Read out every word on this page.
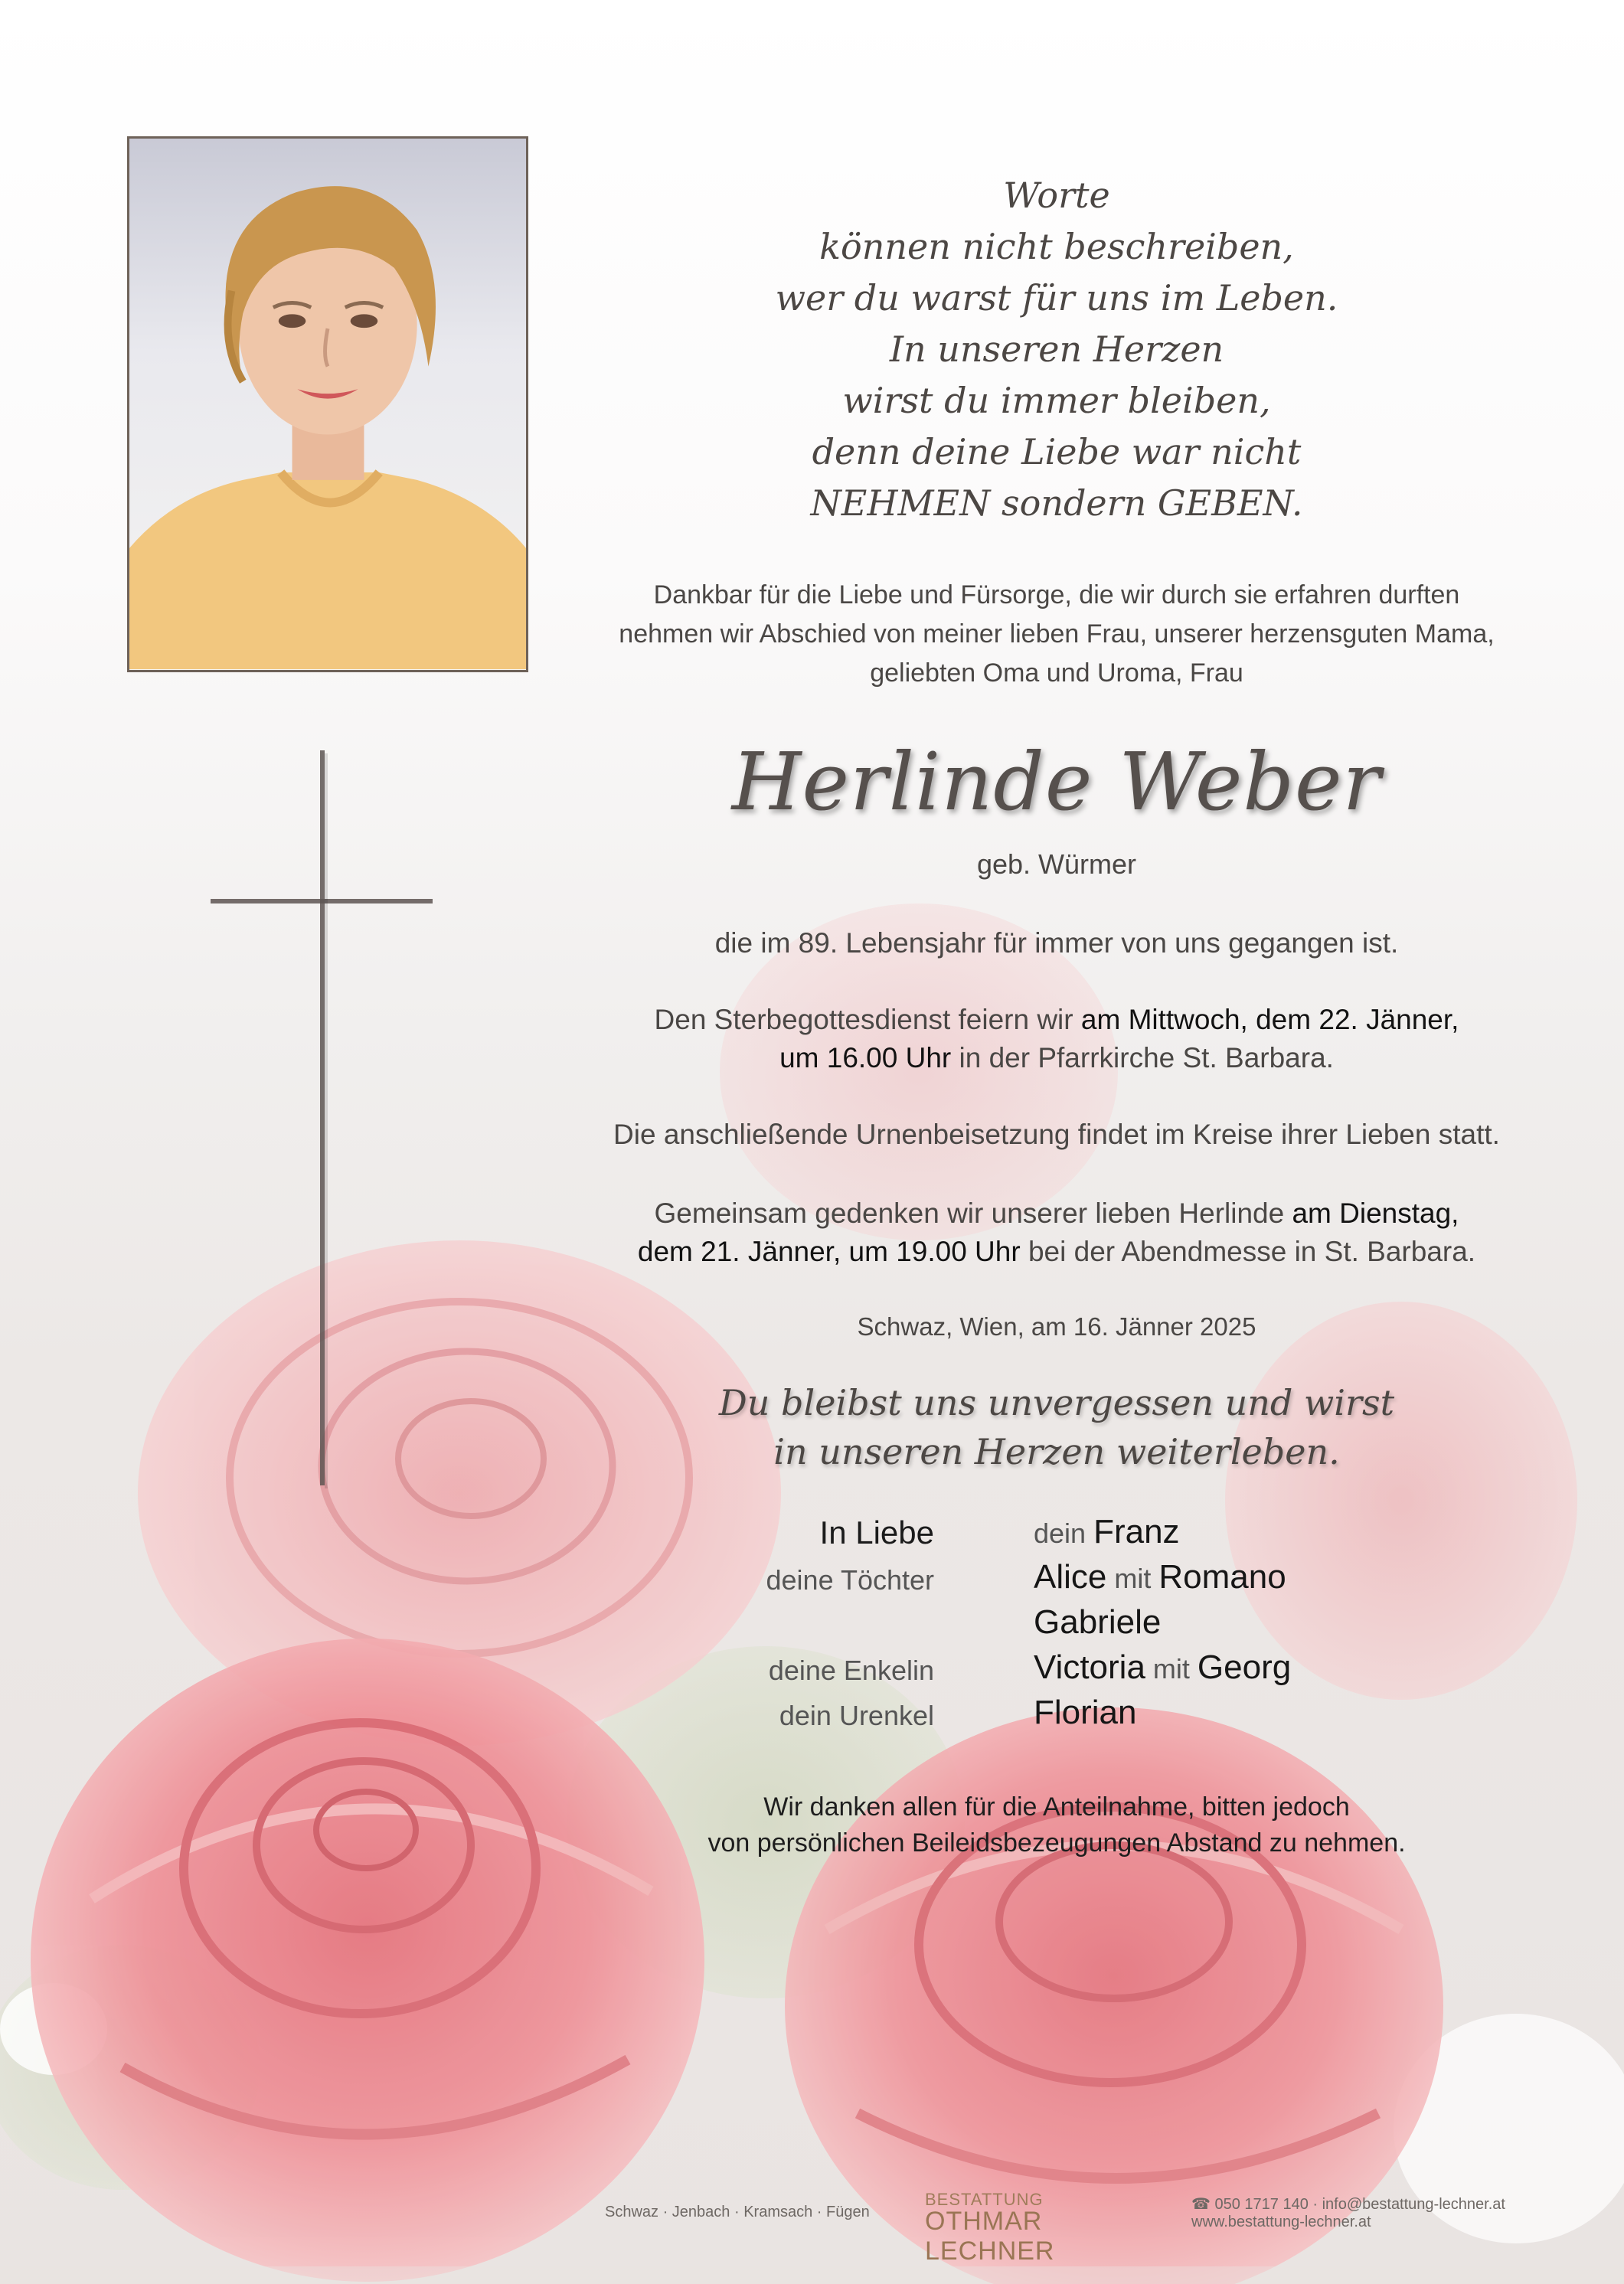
Worte
können nicht beschreiben,
wer du warst für uns im Leben.
In unseren Herzen
wirst du immer bleiben,
denn deine Liebe war nicht
NEHMEN sondern GEBEN.
Dankbar für die Liebe und Fürsorge, die wir durch sie erfahren durften
nehmen wir Abschied von meiner lieben Frau, unserer herzensguten Mama,
geliebten Oma und Uroma, Frau
Herlinde Weber
geb. Würmer
die im 89. Lebensjahr für immer von uns gegangen ist.
Den Sterbegottesdienst feiern wir am Mittwoch, dem 22. Jänner,
um 16.00 Uhr in der Pfarrkirche St. Barbara.
Die anschließende Urnenbeisetzung findet im Kreise ihrer Lieben statt.
Gemeinsam gedenken wir unserer lieben Herlinde am Dienstag,
dem 21. Jänner, um 19.00 Uhr bei der Abendmesse in St. Barbara.
Schwaz, Wien, am 16. Jänner 2025
Du bleibst uns unvergessen und wirst
in unseren Herzen weiterleben.
In Liebe	dein Franz
deine Töchter	Alice mit Romano
Gabriele
deine Enkelin	Victoria mit Georg
dein Urenkel	Florian
Wir danken allen für die Anteilnahme, bitten jedoch
von persönlichen Beileidsbezeugungen Abstand zu nehmen.
Schwaz · Jenbach · Kramsach · Fügen
BESTATTUNG
OTHMAR LECHNER
☎ 050 1717 140 · info@bestattung-lechner.at
www.bestattung-lechner.at
